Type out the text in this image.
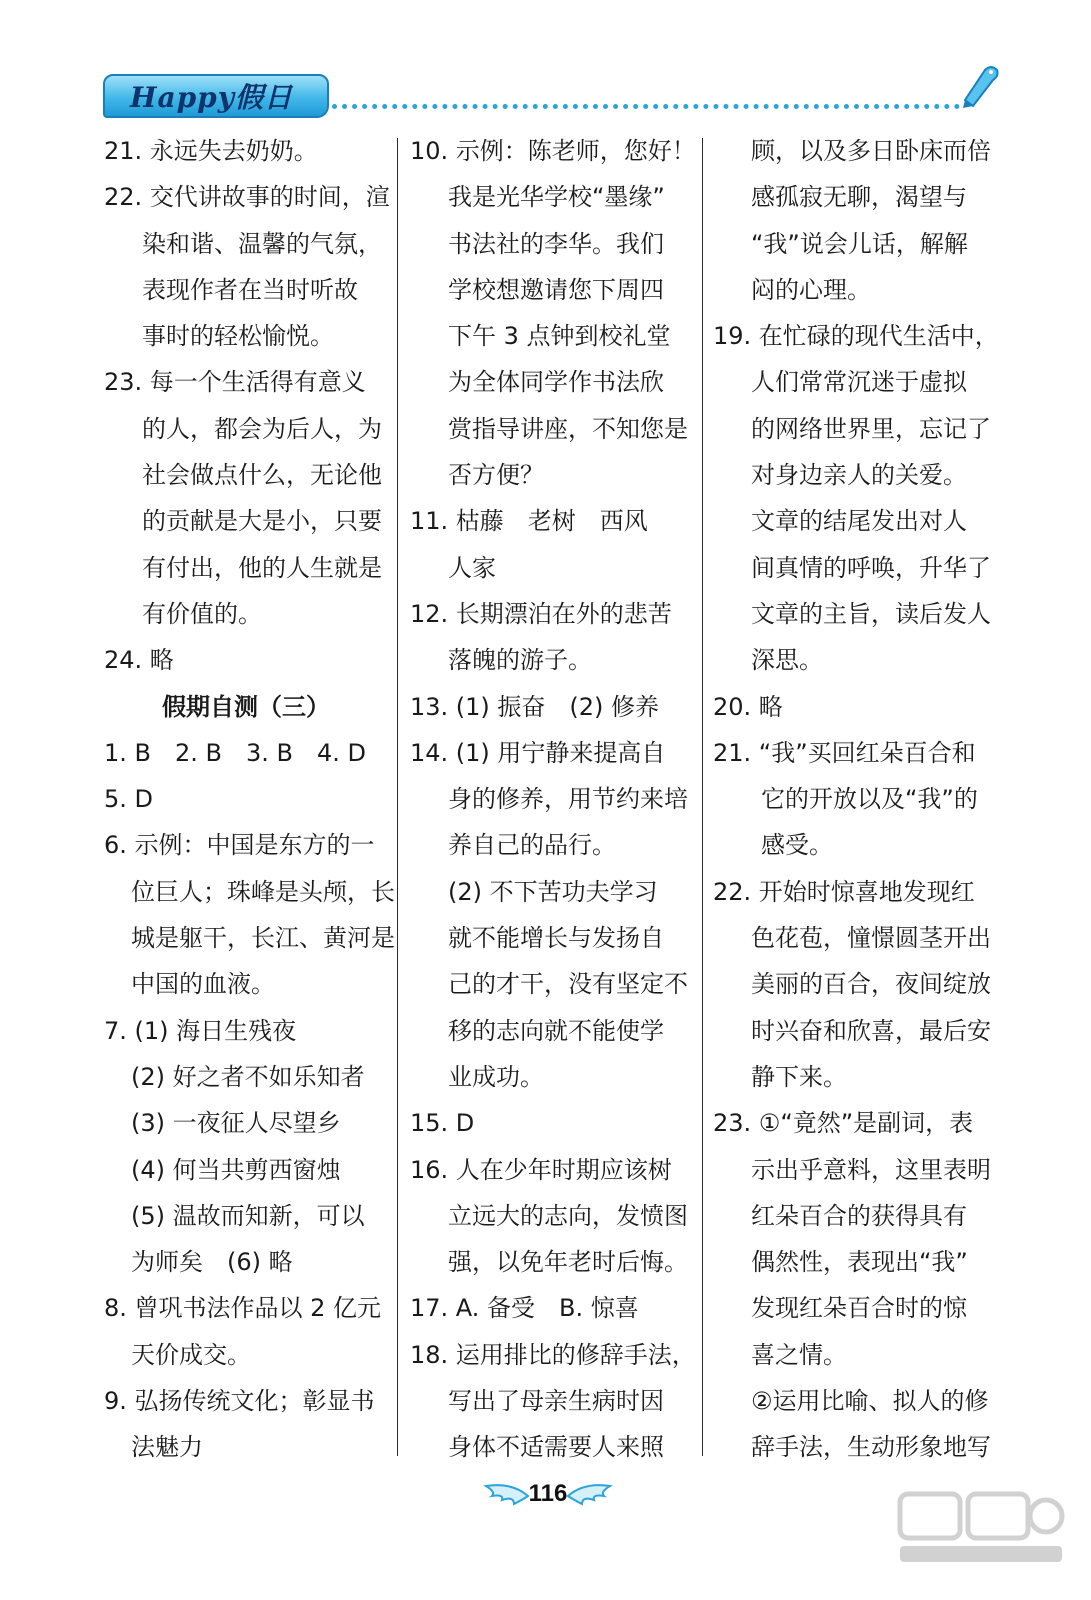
Happy假日
21. 永远失去奶奶。
22. 交代讲故事的时间，渲
染和谐、温馨的气氛，
表现作者在当时听故
事时的轻松愉悦。
23. 每一个生活得有意义
的人，都会为后人，为
社会做点什么，无论他
的贡献是大是小，只要
有付出，他的人生就是
有价值的。
24. 略
假期自测（三）
1. B　2. B　3. B　4. D
5. D
6. 示例：中国是东方的一
位巨人；珠峰是头颅，长
城是躯干，长江、黄河是
中国的血液。
7. (1) 海日生残夜
(2) 好之者不如乐知者
(3) 一夜征人尽望乡
(4) 何当共剪西窗烛
(5) 温故而知新，可以
为师矣　(6) 略
8. 曾巩书法作品以 2 亿元
天价成交。
9. 弘扬传统文化；彰显书
法魅力
10. 示例：陈老师，您好！
我是光华学校“墨缘”
书法社的李华。我们
学校想邀请您下周四
下午 3 点钟到校礼堂
为全体同学作书法欣
赏指导讲座，不知您是
否方便？
11. 枯藤　老树　西风
人家
12. 长期漂泊在外的悲苦
落魄的游子。
13. (1) 振奋　(2) 修养
14. (1) 用宁静来提高自
身的修养，用节约来培
养自己的品行。
(2) 不下苦功夫学习
就不能增长与发扬自
己的才干，没有坚定不
移的志向就不能使学
业成功。
15. D
16. 人在少年时期应该树
立远大的志向，发愤图
强，以免年老时后悔。
17. A. 备受　B. 惊喜
18. 运用排比的修辞手法，
写出了母亲生病时因
身体不适需要人来照
顾，以及多日卧床而倍
感孤寂无聊，渴望与
“我”说会儿话，解解
闷的心理。
19. 在忙碌的现代生活中，
人们常常沉迷于虚拟
的网络世界里，忘记了
对身边亲人的关爱。
文章的结尾发出对人
间真情的呼唤，升华了
文章的主旨，读后发人
深思。
20. 略
21. “我”买回红朵百合和
它的开放以及“我”的
感受。
22. 开始时惊喜地发现红
色花苞，憧憬圆茎开出
美丽的百合，夜间绽放
时兴奋和欣喜，最后安
静下来。
23. ①“竟然”是副词，表
示出乎意料，这里表明
红朵百合的获得具有
偶然性，表现出“我”
发现红朵百合时的惊
喜之情。
②运用比喻、拟人的修
辞手法，生动形象地写
116
